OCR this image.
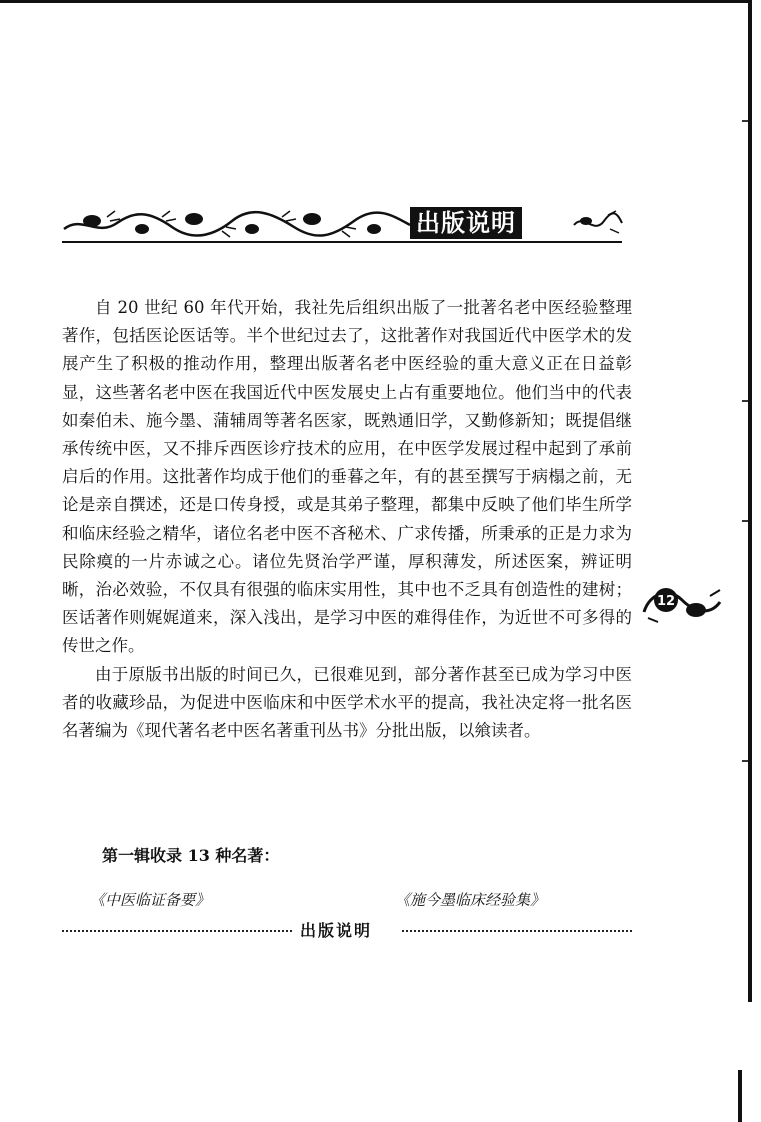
出版说明

自 20 世纪 60 年代开始，我社先后组织出版了一批著名老中医经验整理著作，包括医论医话等。半个世纪过去了，这批著作对我国近代中医学术的发展产生了积极的推动作用，整理出版著名老中医经验的重大意义正在日益彰显，这些著名老中医在我国近代中医发展史上占有重要地位。他们当中的代表如秦伯未、施今墨、蒲辅周等著名医家，既熟通旧学，又勤修新知；既提倡继承传统中医，又不排斥西医诊疗技术的应用，在中医学发展过程中起到了承前启后的作用。这批著作均成于他们的垂暮之年，有的甚至撰写于病榻之前，无论是亲自撰述，还是口传身授，或是其弟子整理，都集中反映了他们毕生所学和临床经验之精华，诸位名老中医不吝秘术、广求传播，所秉承的正是力求为民除瘼的一片赤诚之心。诸位先贤治学严谨，厚积薄发，所述医案，辨证明晰，治必效验，不仅具有很强的临床实用性，其中也不乏具有创造性的建树；医话著作则娓娓道来，深入浅出，是学习中医的难得佳作，为近世不可多得的传世之作。

由于原版书出版的时间已久，已很难见到，部分著作甚至已成为学习中医者的收藏珍品，为促进中医临床和中医学术水平的提高，我社决定将一批名医名著编为《现代著名老中医名著重刊丛书》分批出版，以飨读者。

第一辑收录 13 种名著：
《中医临证备要》	《施今墨临床经验集》
出版说明
12
